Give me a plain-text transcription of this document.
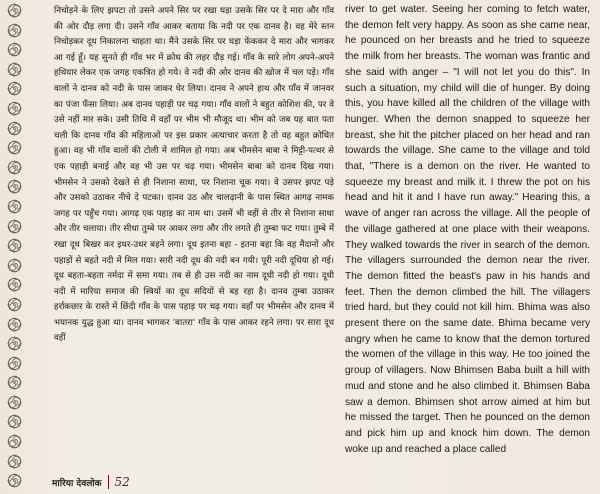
निचोड़ने के लिए झपटा तो उसने अपने सिर पर रखा घड़ा उसके सिर पर दे मारा और गाँव की ओर दौड़ लगा दी। उसने गाँव आकर बताया कि नदी पर एक दानव है। वह मेरे स्तन निचोड़कर दूध निकालना चाहता था। मैंने उसके सिर पर घड़ा फेंककर दे मारा और भागकर आ गई हूँ। यह सुनते ही गाँव भर में क्रोध की लहर दौड़ गई। गाँव के सारे लोग अपने-अपने हथियार लेकर एक जगह एकत्रित हो गये। वे नदी की ओर दानव की खोज में चल पड़े। गाँव वालों ने दानव को नदी के पास जाकर घेर लिया। दानव ने अपने हाथ और पाँव में जानवर का पंजा फँसा लिया। अब दानव पहाड़ी पर चढ़ गया। गाँव वालों ने बहुत कोशिश की, पर वे उसे नहीं मार सके। उसी तिथि में वहाँ पर भीम भी मौजूद था। भीम को जब यह बात पता चली कि दानव गाँव की महिलाओं पर इस प्रकार अत्याचार करता है तो वह बहुत क्रोधित हुआ। वह भी गाँव वालों की टोली में शामिल हो गया। अब भीमसेन बाबा ने मिट्टी-पत्थर से एक पहाड़ी बनाई और वह भी उस पर चढ़ गया। भीमसेन बाबा को दानव दिख गया। भीमसेन ने उसको देखते से ही निशाना साधा, पर निशाना चूक गया। वे उसपर झपट पड़े और उसको उठाकर नीचे दे पटका। दानव उठ और चालढ़ानी के पास स्थित आगढ़ नामक जगह पर पहुँच गया। आगढ़ एक पहाड़ का नाम था। उसमें भी वहीं से तीर से निशाना साधा और तीर चलाया। तीर सीधा तुम्बे पर आकर लगा और तीर लगते ही तुम्बा फट गया। तुम्बे में रखा दूध बिखर कर इधर-उधर बहने लगा। दूध इतना बहा - इतना बहा कि वह मैदानों और पहाड़ों से बहते नदी में मिल गया। सारी नदी दूध की नदी बन गयी। पूरी नदी दूधिया हो गई। दूध बहता-बहता नर्मदा में समा गया। तब से ही उस नदी का नाम दूधी नदी हो गया। दूधी नदी में मारिया समाज की स्त्रियों का दूध सदियों से बह रहा है। दानव तुम्बा उठाकर हर्राकछार के रास्ते में छिंदी गाँव के पास पहाड़ पर चढ़ गया। वहाँ पर भीमसेन और दानव में भयानक युद्ध हुआ था। दानव भागकर 'बातरा' गाँव के पास आकर रहने लगा। पर सारा दूध वहीं
river to get water. Seeing her coming to fetch water, the demon felt very happy. As soon as she came near, he pounced on her breasts and he tried to squeeze the milk from her breasts. The woman was frantic and she said with anger – "I will not let you do this". In such a situation, my child will die of hunger. By doing this, you have killed all the children of the village with hunger. When the demon snapped to squeeze her breast, she hit the pitcher placed on her head and ran towards the village. She came to the village and told that, "There is a demon on the river. He wanted to squeeze my breast and milk it. I threw the pot on his head and hit it and I have run away." Hearing this, a wave of anger ran across the village. All the people of the village gathered at one place with their weapons. They walked towards the river in search of the demon. The villagers surrounded the demon near the river. The demon fitted the beast's paw in his hands and feet. Then the demon climbed the hill. The villagers tried hard, but they could not kill him. Bhima was also present there on the same date. Bhima became very angry when he came to know that the demon tortured the women of the village in this way. He too joined the group of villagers. Now Bhimsen Baba built a hill with mud and stone and he also climbed it. Bhimsen Baba saw a demon. Bhimsen shot arrow aimed at him but he missed the target. Then he pounced on the demon and pick him up and knock him down. The demon woke up and reached a place called
मारिया देवलोक 52
